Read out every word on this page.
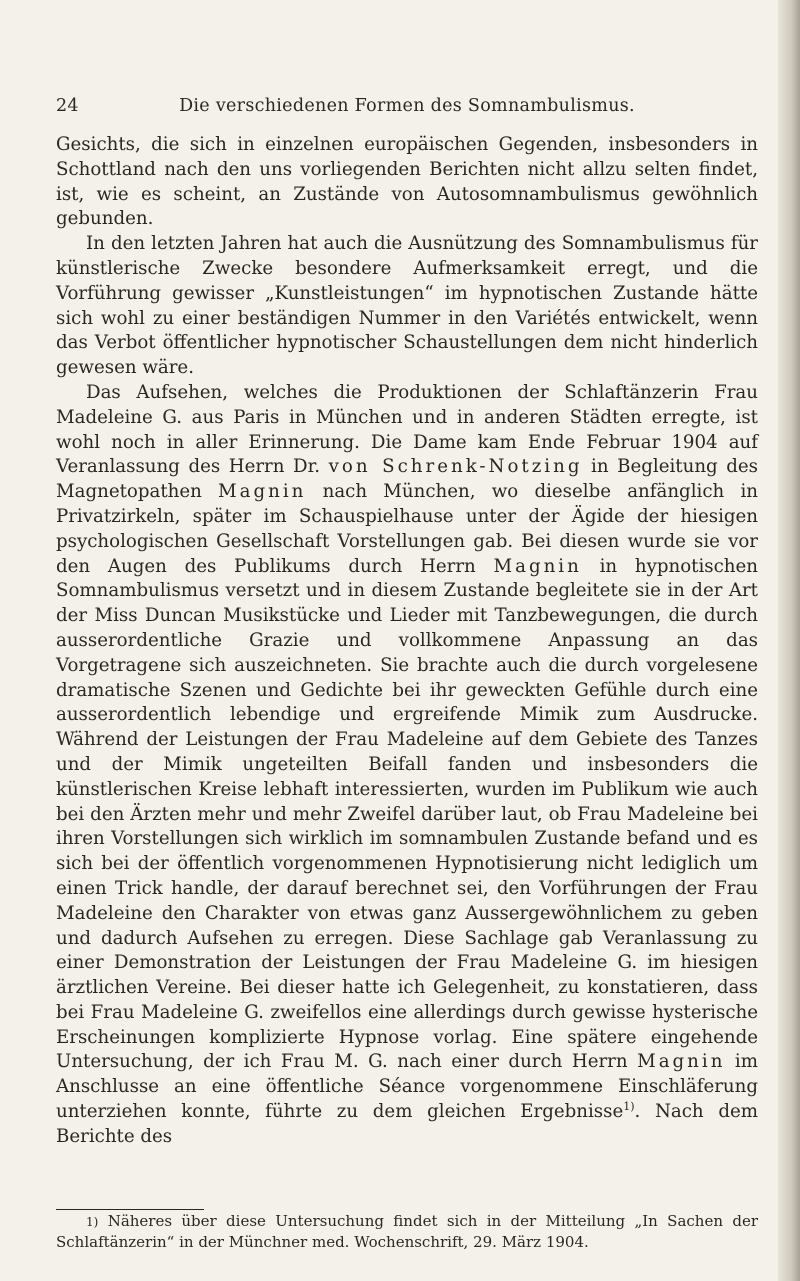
24	Die verschiedenen Formen des Somnambulismus.

Gesichts, die sich in einzelnen europäischen Gegenden, insbesonders in Schottland nach den uns vorliegenden Berichten nicht allzu selten findet, ist, wie es scheint, an Zustände von Autosomnambulismus gewöhnlich gebunden.

In den letzten Jahren hat auch die Ausnützung des Somnambulismus für künstlerische Zwecke besondere Aufmerksamkeit erregt, und die Vorführung gewisser „Kunstleistungen“ im hypnotischen Zustande hätte sich wohl zu einer beständigen Nummer in den Variétés entwickelt, wenn das Verbot öffentlicher hypnotischer Schaustellungen dem nicht hinderlich gewesen wäre.

Das Aufsehen, welches die Produktionen der Schlaftänzerin Frau Madeleine G. aus Paris in München und in anderen Städten erregte, ist wohl noch in aller Erinnerung. Die Dame kam Ende Februar 1904 auf Veranlassung des Herrn Dr. von Schrenk-Notzing in Begleitung des Magnetopathen Magnin nach München, wo dieselbe anfänglich in Privatzirkeln, später im Schauspielhause unter der Ägide der hiesigen psychologischen Gesellschaft Vorstellungen gab. Bei diesen wurde sie vor den Augen des Publikums durch Herrn Magnin in hypnotischen Somnambulismus versetzt und in diesem Zustande begleitete sie in der Art der Miss Duncan Musikstücke und Lieder mit Tanzbewegungen, die durch ausserordentliche Grazie und vollkommene Anpassung an das Vorgetragene sich auszeichneten. Sie brachte auch die durch vorgelesene dramatische Szenen und Gedichte bei ihr geweckten Gefühle durch eine ausserordentlich lebendige und ergreifende Mimik zum Ausdrucke. Während der Leistungen der Frau Madeleine auf dem Gebiete des Tanzes und der Mimik ungeteilten Beifall fanden und insbesonders die künstlerischen Kreise lebhaft interessierten, wurden im Publikum wie auch bei den Ärzten mehr und mehr Zweifel darüber laut, ob Frau Madeleine bei ihren Vorstellungen sich wirklich im somnambulen Zustande befand und es sich bei der öffentlich vorgenommenen Hypnotisierung nicht lediglich um einen Trick handle, der darauf berechnet sei, den Vorführungen der Frau Madeleine den Charakter von etwas ganz Aussergewöhnlichem zu geben und dadurch Aufsehen zu erregen. Diese Sachlage gab Veranlassung zu einer Demonstration der Leistungen der Frau Madeleine G. im hiesigen ärztlichen Vereine. Bei dieser hatte ich Gelegenheit, zu konstatieren, dass bei Frau Madeleine G. zweifellos eine allerdings durch gewisse hysterische Erscheinungen komplizierte Hypnose vorlag. Eine spätere eingehende Untersuchung, der ich Frau M. G. nach einer durch Herrn Magnin im Anschlusse an eine öffentliche Séance vorgenommene Einschläferung unterziehen konnte, führte zu dem gleichen Ergebnisse$^{1)}$. Nach dem Berichte des

1) Näheres über diese Untersuchung findet sich in der Mitteilung „In Sachen der Schlaftänzerin“ in der Münchner med. Wochenschrift, 29. März 1904.
